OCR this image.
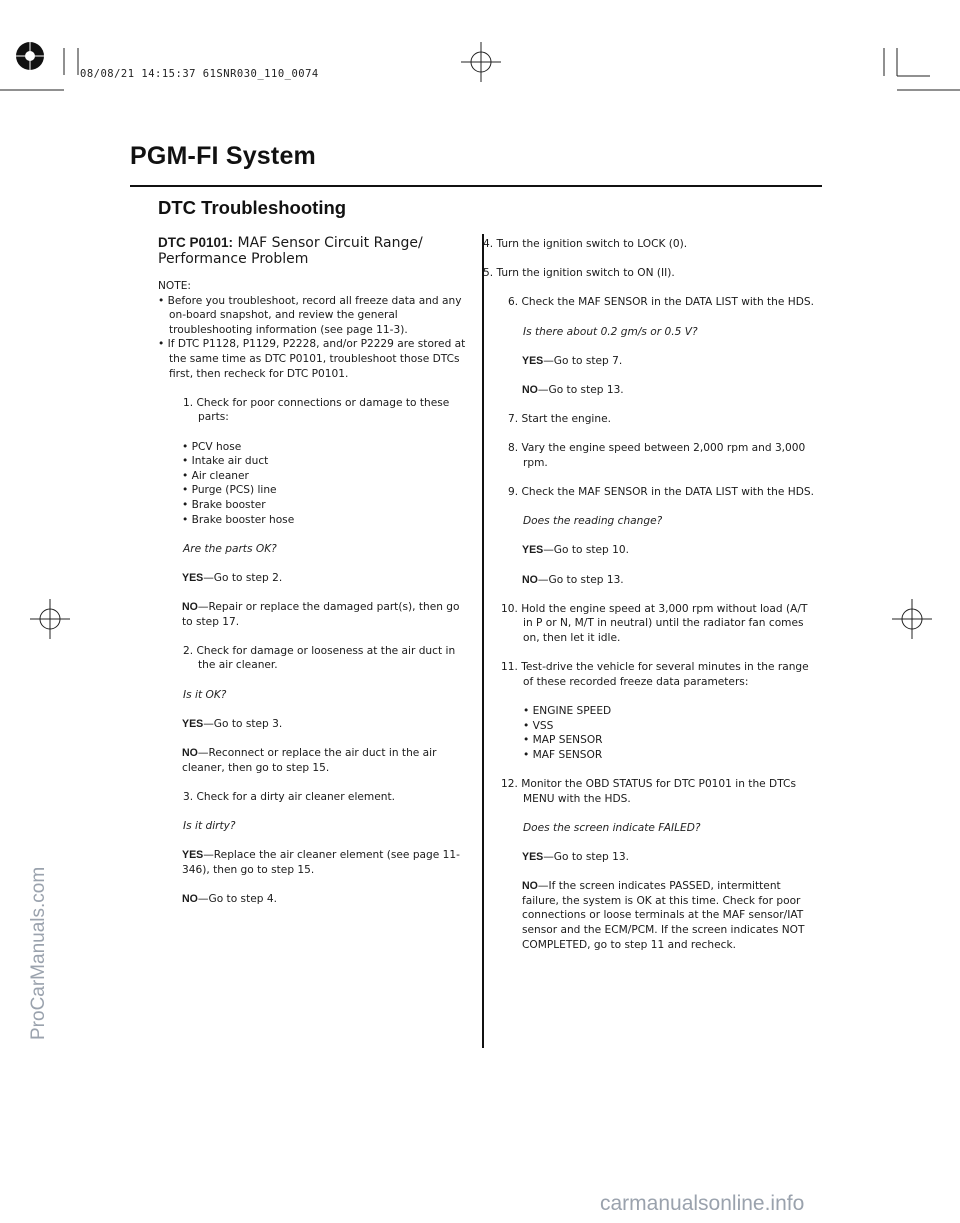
08/08/21 14:15:37 61SNR030_110_0074
PGM-FI System
DTC Troubleshooting
DTC P0101: MAF Sensor Circuit Range/
Performance Problem
NOTE:
• Before you troubleshoot, record all freeze data and any on-board snapshot, and review the general troubleshooting information (see page 11-3).
• If DTC P1128, P1129, P2228, and/or P2229 are stored at the same time as DTC P0101, troubleshoot those DTCs first, then recheck for DTC P0101.
1. Check for poor connections or damage to these parts:
• PCV hose
• Intake air duct
• Air cleaner
• Purge (PCS) line
• Brake booster
• Brake booster hose
Are the parts OK?
YES—Go to step 2.
NO—Repair or replace the damaged part(s), then go to step 17.
2. Check for damage or looseness at the air duct in the air cleaner.
Is it OK?
YES—Go to step 3.
NO—Reconnect or replace the air duct in the air cleaner, then go to step 15.
3. Check for a dirty air cleaner element.
Is it dirty?
YES—Replace the air cleaner element (see page 11-346), then go to step 15.
NO—Go to step 4.
4. Turn the ignition switch to LOCK (0).
5. Turn the ignition switch to ON (II).
6. Check the MAF SENSOR in the DATA LIST with the HDS.
Is there about 0.2 gm/s or 0.5 V?
YES—Go to step 7.
NO—Go to step 13.
7. Start the engine.
8. Vary the engine speed between 2,000 rpm and 3,000 rpm.
9. Check the MAF SENSOR in the DATA LIST with the HDS.
Does the reading change?
YES—Go to step 10.
NO—Go to step 13.
10. Hold the engine speed at 3,000 rpm without load (A/T in P or N, M/T in neutral) until the radiator fan comes on, then let it idle.
11. Test-drive the vehicle for several minutes in the range of these recorded freeze data parameters:
• ENGINE SPEED
• VSS
• MAP SENSOR
• MAF SENSOR
12. Monitor the OBD STATUS for DTC P0101 in the DTCs MENU with the HDS.
Does the screen indicate FAILED?
YES—Go to step 13.
NO—If the screen indicates PASSED, intermittent failure, the system is OK at this time. Check for poor connections or loose terminals at the MAF sensor/IAT sensor and the ECM/PCM. If the screen indicates NOT COMPLETED, go to step 11 and recheck.
ProCarManuals.com
carmanualsonline.info
